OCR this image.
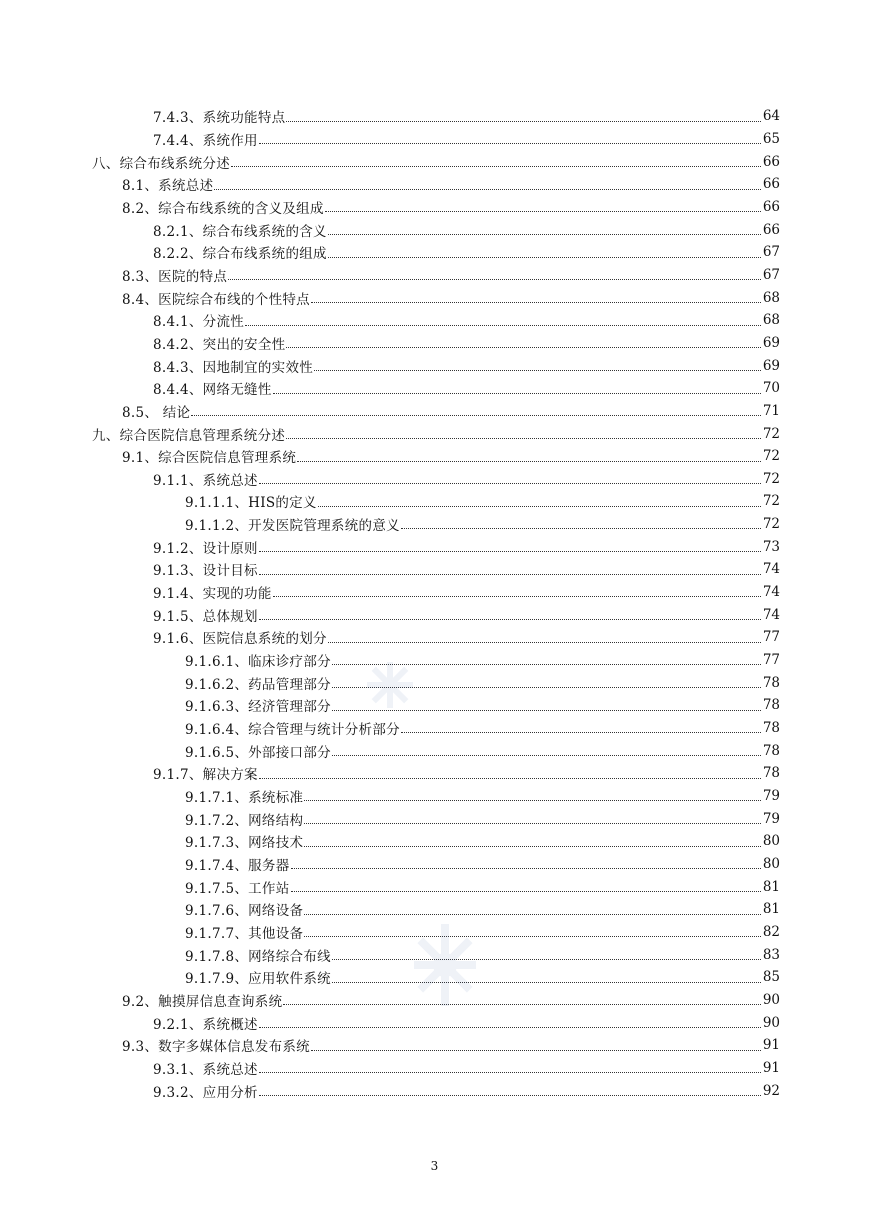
7.4.3、系统功能特点	64
7.4.4、系统作用	65
八、综合布线系统分述	66
8.1、系统总述	66
8.2、综合布线系统的含义及组成	66
8.2.1、综合布线系统的含义	66
8.2.2、综合布线系统的组成	67
8.3、医院的特点	67
8.4、医院综合布线的个性特点	68
8.4.1、分流性	68
8.4.2、突出的安全性	69
8.4.3、因地制宜的实效性	69
8.4.4、网络无缝性	70
8.5、 结论	71
九、综合医院信息管理系统分述	72
9.1、综合医院信息管理系统	72
9.1.1、系统总述	72
9.1.1.1、HIS的定义	72
9.1.1.2、开发医院管理系统的意义	72
9.1.2、设计原则	73
9.1.3、设计目标	74
9.1.4、实现的功能	74
9.1.5、总体规划	74
9.1.6、医院信息系统的划分	77
9.1.6.1、临床诊疗部分	77
9.1.6.2、药品管理部分	78
9.1.6.3、经济管理部分	78
9.1.6.4、综合管理与统计分析部分	78
9.1.6.5、外部接口部分	78
9.1.7、解决方案	78
9.1.7.1、系统标准	79
9.1.7.2、网络结构	79
9.1.7.3、网络技术	80
9.1.7.4、服务器	80
9.1.7.5、工作站	81
9.1.7.6、网络设备	81
9.1.7.7、其他设备	82
9.1.7.8、网络综合布线	83
9.1.7.9、应用软件系统	85
9.2、触摸屏信息查询系统	90
9.2.1、系统概述	90
9.3、数字多媒体信息发布系统	91
9.3.1、系统总述	91
9.3.2、应用分析	92
3
